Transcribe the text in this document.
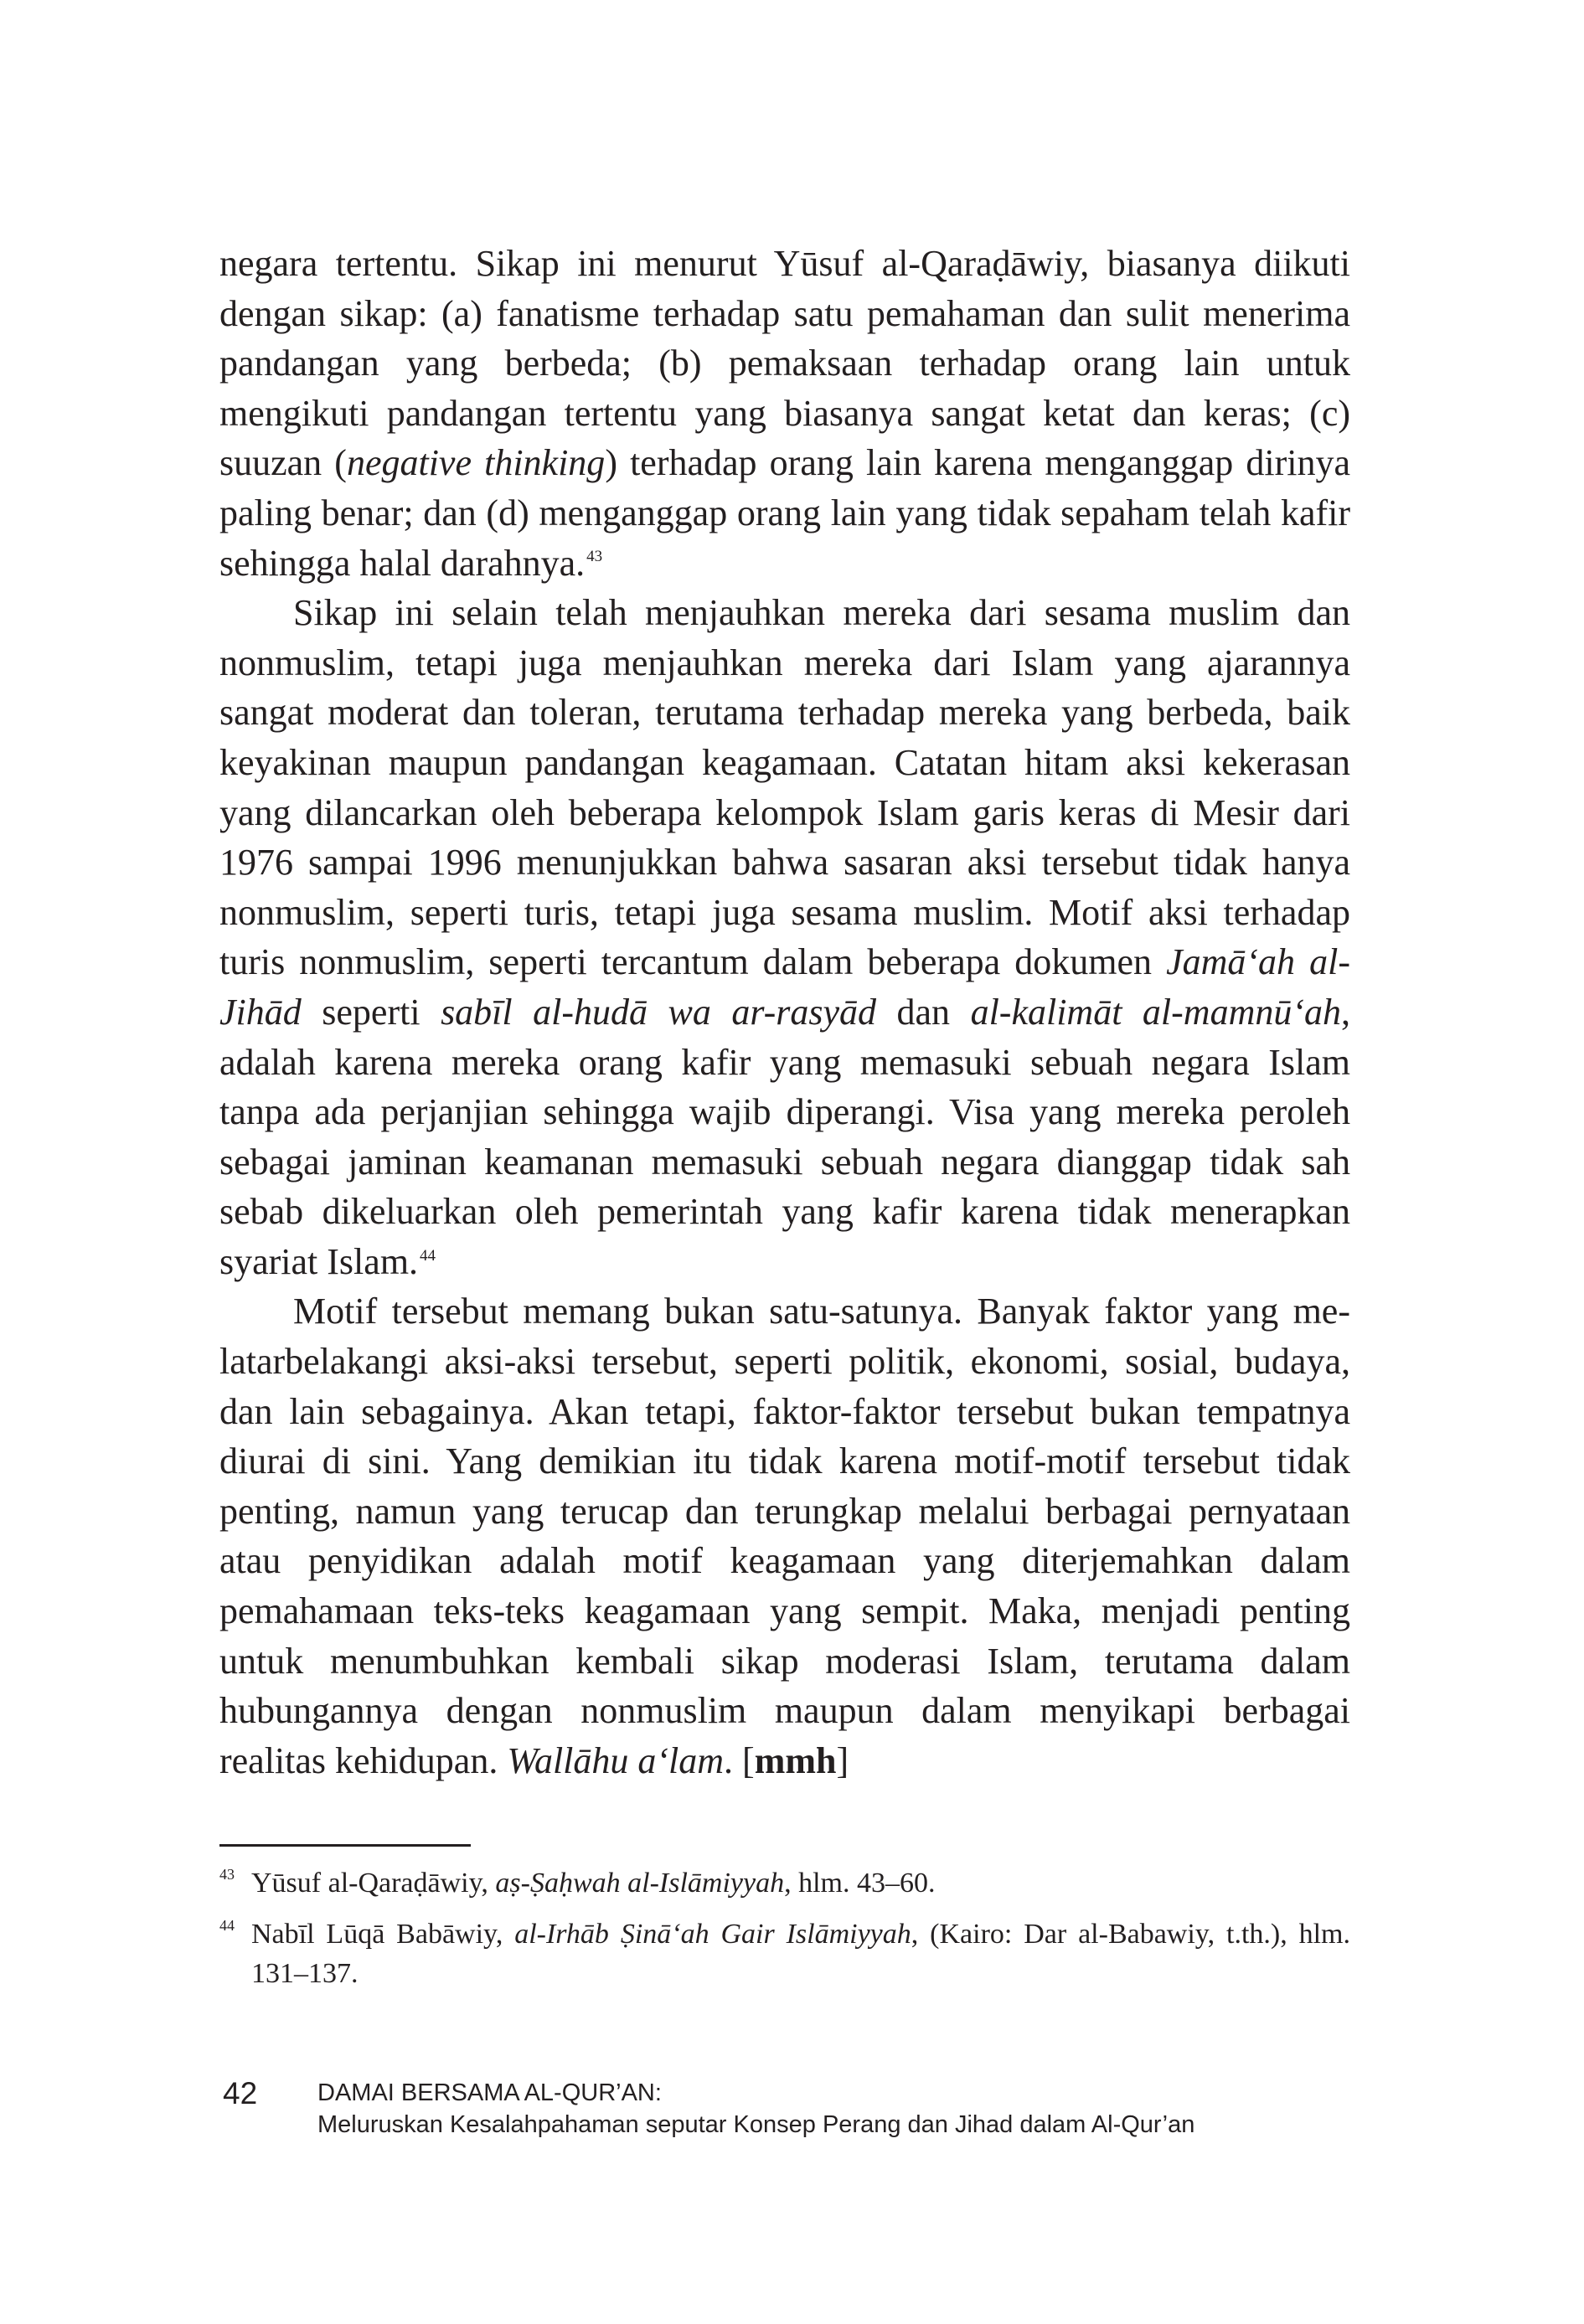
negara tertentu. Sikap ini menurut Yūsuf al-Qaraḍāwiy, biasanya diikuti dengan sikap: (a) fanatisme terhadap satu pemahaman dan sulit menerima pandangan yang berbeda; (b) pemaksaan terhadap orang lain untuk mengikuti pandangan tertentu yang biasanya sangat ketat dan keras; (c) suuzan (negative thinking) terhadap orang lain karena menganggap dirinya paling benar; dan (d) menganggap orang lain yang tidak sepaham telah kafir sehingga halal darahnya. $^{43}$

Sikap ini selain telah menjauhkan mereka dari sesama muslim dan nonmuslim, tetapi juga menjauhkan mereka dari Islam yang ajarannya sangat moderat dan toleran, terutama terhadap mereka yang berbeda, baik keyakinan maupun pandangan keagamaan. Catatan hitam aksi kekerasan yang dilancarkan oleh beberapa kelompok Islam garis keras di Mesir dari 1976 sampai 1996 menunjukkan bahwa sasaran aksi tersebut tidak hanya nonmuslim, seperti turis, tetapi juga sesama muslim. Motif aksi terhadap turis nonmuslim, seperti tercantum dalam beberapa dokumen Jamā‘ah al-Jihād seperti sabīl al-hudā wa ar-rasyād dan al-kalimāt al-mamnū‘ah, adalah karena mereka orang kafir yang memasuki sebuah negara Islam tanpa ada perjanjian sehingga wajib diperangi. Visa yang mereka peroleh sebagai jaminan keamanan memasuki sebuah negara dianggap tidak sah sebab dikeluarkan oleh pemerintah yang kafir karena tidak menerapkan syariat Islam. $^{44}$

Motif tersebut memang bukan satu-satunya. Banyak faktor yang melatarbelakangi aksi-aksi tersebut, seperti politik, ekonomi, sosial, budaya, dan lain sebagainya. Akan tetapi, faktor-faktor tersebut bukan tempatnya diurai di sini. Yang demikian itu tidak karena motif-motif tersebut tidak penting, namun yang terucap dan terungkap melalui berbagai pernyataan atau penyidikan adalah motif keagamaan yang diterjemahkan dalam pemahamaan teks-teks keagamaan yang sempit. Maka, menjadi penting untuk menumbuhkan kembali sikap moderasi Islam, terutama dalam hubungannya dengan nonmuslim maupun dalam menyikapi berbagai realitas kehidupan. Wallāhu a‘lam. [mmh]

43 Yūsuf al-Qaraḍāwiy, aṣ-Ṣaḥwah al-Islāmiyyah, hlm. 43–60.
44 Nabīl Lūqā Babāwiy, al-Irhāb Ṣinā‘ah Gair Islāmiyyah, (Kairo: Dar al-Babawiy, t.th.), hlm. 131–137.
42 DAMAI BERSAMA AL-QUR’AN:
Meluruskan Kesalahpahaman seputar Konsep Perang dan Jihad dalam Al-Qur’an
